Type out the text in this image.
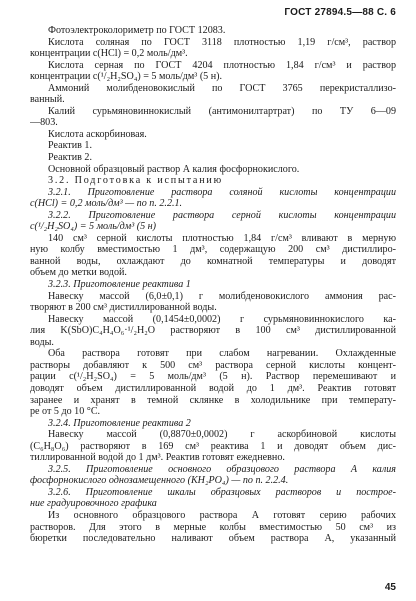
ГОСТ 27894.5—88 С. 6
Фотоэлектроколориметр по ГОСТ 12083.
Кислота соляная по ГОСТ 3118 плотностью 1,19 г/см³, раствор
концентрации с(HCl) = 0,2 моль/дм³.
Кислота серная по ГОСТ 4204 плотностью 1,84 г/см³ и раствор
концентрации с(¹/₂H₂SO₄) = 5 моль/дм³ (5 н).
Аммоний молибденовокислый по ГОСТ 3765 перекристаллизо-
ванный.
Калий сурьмяновиннокислый (антимонилтартрат) по ТУ 6—09
—803.
Кислота аскорбиновая.
Реактив 1.
Реактив 2.
Основной образцовый раствор А калия фосфорнокислого.
3.2. Подготовка к испытанию
3.2.1. Приготовление раствора соляной кислоты концентрации
с(HCl) = 0,2 моль/дм³ — по п. 2.2.1.
3.2.2. Приготовление раствора серной кислоты концентрации
с(¹/₂H₂SO₄) = 5 моль/дм³ (5 н)
140 см³ серной кислоты плотностью 1,84 г/см³ вливают в мерную
ную колбу вместимостью 1 дм³, содержащую 200 см³ дистиллиро-
ванной воды, охлаждают до комнатной температуры и доводят
объем до метки водой.
3.2.3. Приготовление реактива 1
Навеску массой (6,0±0,1) г молибденовокислого аммония рас-
творяют в 200 см³ дистиллированной воды.
Навеску массой (0,1454±0,0002) г сурьмяновиннокислого ка-
лия K(SbO)C₄H₄O₆·¹/₂H₂O растворяют в 100 см³ дистиллированной
воды.
Оба раствора готовят при слабом нагревании. Охлажденные
растворы добавляют к 500 см³ раствора серной кислоты концент-
рации с(¹/₂H₂SO₄) = 5 моль/дм³ (5 н). Раствор перемешивают и
доводят объем дистиллированной водой до 1 дм³. Реактив готовят
заранее и хранят в темной склянке в холодильнике при температу-
ре от 5 до 10 °С.
3.2.4. Приготовление реактива 2
Навеску массой (0,8870±0,0002) г аскорбиновой кислоты
(C₆H₈O₆) растворяют в 169 см³ реактива 1 и доводят объем дис-
тиллированной водой до 1 дм³. Реактив готовят ежедневно.
3.2.5. Приготовление основного образцового раствора А калия
фосфорнокислого однозамещенного (KH₂PO₄) — по п. 2.2.4.
3.2.6. Приготовление шкалы образцовых растворов и построе-
ние градуировочного графика
Из основного образцового раствора А готовят серию рабочих
растворов. Для этого в мерные колбы вместимостью 50 см³ из
бюретки последовательно наливают объем раствора А, указанный
45
